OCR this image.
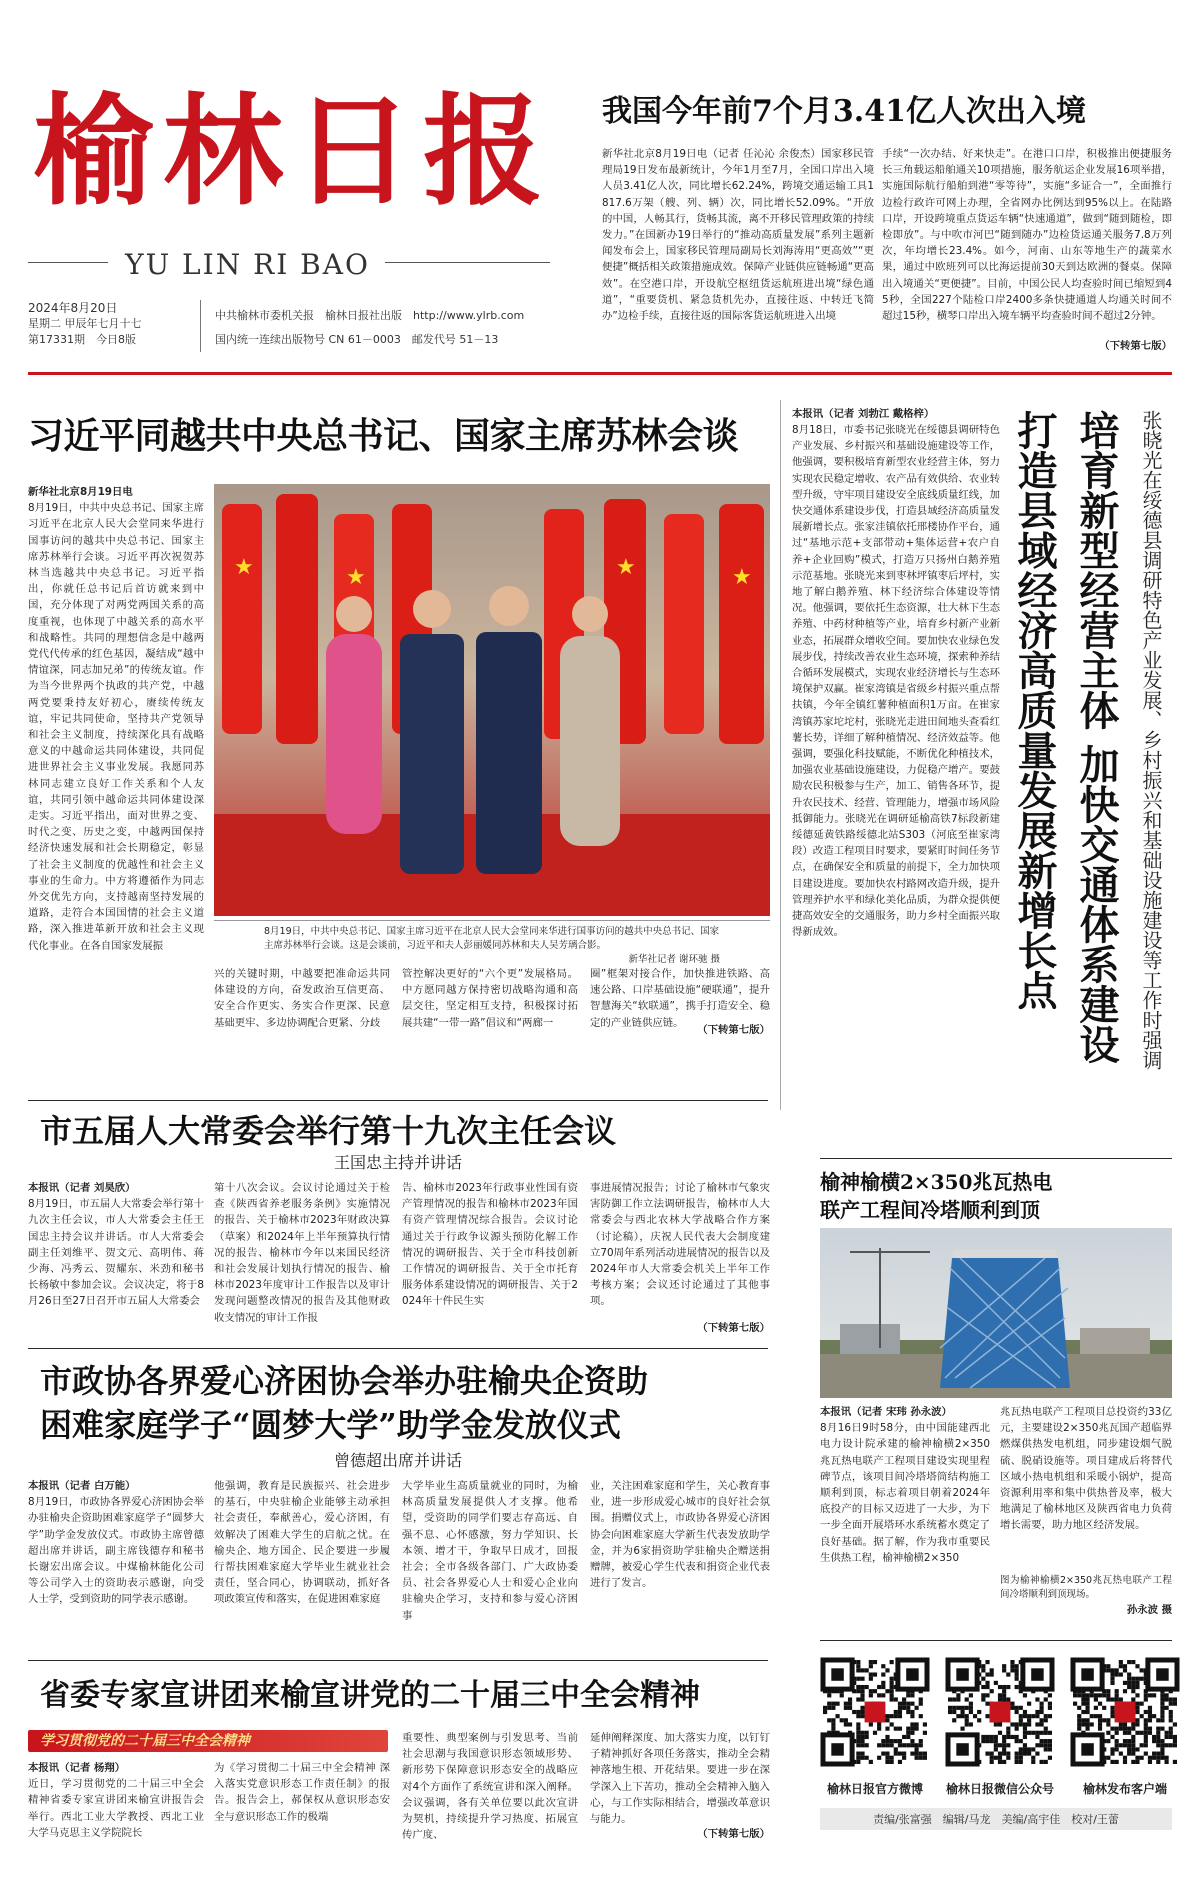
榆 林 日 报
YU LIN RI BAO
2024年8月20日
星期二 甲辰年七月十七
第17331期　 今日8版
中共榆林市委机关报　 榆林日报社出版　 http://www.ylrb.com
国内统一连续出版物号 CN 61－0003　 邮发代号 51－13
我国今年前7个月3.41亿人次出入境
新华社北京8月19日电（记者 任沁沁 余俊杰）国家移民管理局19日发布最新统计，今年1月至7月，全国口岸出入境人员3.41亿人次，同比增长62.24%，跨境交通运输工具1817.6万架（艘、列、辆）次，同比增长52.09%。“开放的中国，人畅其行，货畅其流，离不开移民管理政策的持续发力。”在国新办19日举行的“推动高质量发展”系列主题新闻发布会上，国家移民管理局副局长刘海涛用“更高效”“更便捷”概括相关政策措施成效。保障产业链供应链畅通“更高效”。在空港口岸，开设航空枢纽货运航班进出境“绿色通道”，“重要货机、紧急货机先办，直接往返、中转迁飞简办”边检手续，直接往返的国际客货运航班进入出境
手续“一次办结、好来快走”。在港口口岸，积极推出便捷服务长三角载运船舶通关10项措施，服务航运企业发展16项举措，实施国际航行船舶到港“零等待”，实施“多证合一”，全面推行边检行政许可网上办理，全省网办比例达到95%以上。在陆路口岸，开设跨境重点货运车辆“快速通道”，做到“随到随检，即检即放”。与中吹市河巴“随到随办”边检货运通关服务7.8万列次，年均增长23.4%。如今，河南、山东等地生产的蔬菜水果，通过中欧班列可以比海运提前30天到达欧洲的餐桌。保障出入境通关“更便捷”。目前，中国公民人均查验时间已缩短到45秒，全国227个陆检口岸2400多条快捷通道人均通关时间不超过15秒，横琴口岸出入境车辆平均查验时间不超过2分钟。
（下转第七版）
习近平同越共中央总书记、国家主席苏林会谈
新华社北京8月19日电
8月19日，中共中央总书记、国家主席习近平在北京人民大会堂同来华进行国事访问的越共中央总书记、国家主席苏林举行会谈。习近平再次祝贺苏林当选越共中央总书记。习近平指出，你就任总书记后首访就来到中国，充分体现了对两党两国关系的高度重视，也体现了中越关系的高水平和战略性。共同的理想信念是中越两党代代传承的红色基因，凝结成“越中情谊深，同志加兄弟”的传统友谊。作为当今世界两个执政的共产党，中越两党要秉持友好初心，赓续传统友谊，牢记共同使命，坚持共产党领导和社会主义制度，持续深化具有战略意义的中越命运共同体建设，共同促进世界社会主义事业发展。我愿同苏林同志建立良好工作关系和个人友谊，共同引领中越命运共同体建设深走实。习近平指出，面对世界之变、时代之变、历史之变，中越两国保持经济快速发展和社会长期稳定，彰显了社会主义制度的优越性和社会主义事业的生命力。中方将遵循作为同志外交优先方向，支持越南坚持发展的道路，走符合本国国情的社会主义道路，深入推进革新开放和社会主义现代化事业。在各自国家发展振
★	★	★	★
8月19日，中共中央总书记、国家主席习近平在北京人民大会堂同来华进行国事访问的越共中央总书记、国家主席苏林举行会谈。这是会谈前，习近平和夫人彭丽媛同苏林和夫人吴芳璃合影。
新华社记者 谢环驰 摄
兴的关键时期，中越要把准命运共同体建设的方向，奋发政治互信更高、安全合作更实、务实合作更深、民意基础更牢、多边协调配合更紧、分歧
管控解决更好的“六个更”发展格局。中方愿同越方保持密切战略沟通和高层交往，坚定相互支持，积极探讨拓展共建“一带一路”倡议和“两廊一
圈”框架对接合作，加快推进铁路、高速公路、口岸基础设施“硬联通”，提升智慧海关“软联通”，携手打造安全、稳定的产业链供应链。
（下转第七版）
本报讯（记者 刘勃江 戴格梓）
8月18日，市委书记张晓光在绥德县调研特色产业发展、乡村振兴和基础设施建设等工作，他强调，要积极培育新型农业经营主体，努力实现农民稳定增收、农产品有效供给、农业转型升级，守牢项目建设安全底线质量红线，加快交通体系建设步伐，打造县域经济高质量发展新增长点。张家洼镇依托邢楼协作平台，通过“基地示范+支部带动+集体运营+农户自养+企业回购”模式，打造万只扬州白鹅养殖示范基地。张晓光来到枣林坪镇枣后坪村，实地了解白鹅养殖、林下经济综合体建设等情况。他强调，要依托生态资源，壮大林下生态养殖、中药材种植等产业，培育乡村新产业新业态，拓展群众增收空间。要加快农业绿色发展步伐，持续改善农业生态环境，探索种养结合循环发展模式，实现农业经济增长与生态环境保护双赢。崔家湾镇是省级乡村振兴重点帮扶镇，今年全镇红薯种植面积1万亩。在崔家湾镇苏家坨坨村，张晓光走进田间地头查看红薯长势，详细了解种植情况、经济效益等。他强调，要强化科技赋能，不断优化种植技术，加强农业基础设施建设，力促稳产增产。要鼓励农民积极参与生产，加工、销售各环节，提升农民技术、经营、管理能力，增强市场风险抵御能力。张晓光在调研延榆高铁7标段新建绥德延黄铁路绥德北站S303（河底至崔家湾段）改造工程项目时要求，要紧盯时间任务节点，在确保安全和质量的前提下，全力加快项目建设进度。要加快农村路网改造升级，提升管理养护水平和绿化美化品质，为群众提供便捷高效安全的交通服务，助力乡村全面振兴取得新成效。	打造县域经济高质量发展新增长点 培育新型经营主体 加快交通体系建设 张晓光在绥德县调研特色产业发展、乡村振兴和基础设施建设等工作时强调
市五届人大常委会举行第十九次主任会议
王国忠主持并讲话
本报讯（记者 刘昊欣）
8月19日，市五届人大常委会举行第十九次主任会议，市人大常委会主任王国忠主持会议并讲话。市人大常委会副主任刘维平、贺文元、高明伟、蒋少海、冯秀云、贺耀东、米劲和秘书长杨敏中参加会议。会议决定，将于8月26日至27日召开市五届人大常委会
第十八次会议。会议讨论通过关于检查《陕西省养老服务条例》实施情况的报告、关于榆林市2023年财政决算（草案）和2024年上半年预算执行情况的报告、榆林市今年以来国民经济和社会发展计划执行情况的报告、榆林市2023年度审计工作报告以及审计发现问题整改情况的报告及其他财政收支情况的审计工作报
告、榆林市2023年行政事业性国有资产管理情况的报告和榆林市2023年国有资产管理情况综合报告。会议讨论通过关于行政争议源头预防化解工作情况的调研报告、关于全市科技创新工作情况的调研报告、关于全市托育服务体系建设情况的调研报告、关于2024年十件民生实
事进展情况报告；讨论了榆林市气象灾害防御工作立法调研报告，榆林市人大常委会与西北农林大学战略合作方案（讨论稿），庆祝人民代表大会制度建立70周年系列活动进展情况的报告以及2024年市人大常委会机关上半年工作考核方案；会议还讨论通过了其他事项。
（下转第七版）
市政协各界爱心济困协会举办驻榆央企资助
困难家庭学子“圆梦大学”助学金发放仪式
曾德超出席并讲话
本报讯（记者 白万能）
8月19日，市政协各界爱心济困协会举办驻榆央企资助困难家庭学子“圆梦大学”助学金发放仪式。市政协主席曾德超出席并讲话，副主席钱德存和秘书长谢宏出席会议。中煤榆林能化公司等公司学入士的资助表示感谢，向受人士学，受到资助的同学表示感谢。
他强调，教育是民族振兴、社会进步的基石，中央驻榆企业能够主动承担社会责任，奉献善心，爱心济困，有效解决了困难大学生的启航之忧。在榆央企、地方国企、民企要进一步履行帮扶困难家庭大学毕业生就业社会责任，坚合同心，协调联动，抓好各项政策宣传和落实，在促进困难家庭
大学毕业生高质量就业的同时，为榆林高质量发展提供人才支撑。他希望，受资助的同学们要志存高远、自强不息、心怀感激，努力学知识、长本领、增才干，争取早日成才，回报社会；全市各级各部门、广大政协委员、社会各界爱心人士和爱心企业向驻榆央企学习，支持和参与爱心济困事
业，关注困难家庭和学生，关心教育事业，进一步形成爱心城市的良好社会氛围。捐赠仪式上，市政协各界爱心济困协会向困难家庭大学新生代表发放助学金，并为6家捐资助学驻榆央企赠送捐赠牌，被爱心学生代表和捐资企业代表进行了发言。
省委专家宣讲团来榆宣讲党的二十届三中全会精神
学习贯彻党的二十届三中全会精神
本报讯（记者 杨翔）
近日，学习贯彻党的二十届三中全会精神省委专家宣讲团来榆宣讲报告会举行。西北工业大学教授、西北工业大学马克思主义学院院长
为《学习贯彻二十届三中全会精神 深入落实党意识形态工作责任制》的报告。报告会上，郝保权从意识形态安全与意识形态工作的极端
重要性、典型案例与引发思考、当前社会思潮与我国意识形态领域形势、新形势下保障意识形态安全的战略应对4个方面作了系统宣讲和深入阐释。会议强调，各有关单位要以此次宣讲为契机，持续提升学习热度、拓展宣传广度、
延伸阐释深度、加大落实力度，以钉钉子精神抓好各项任务落实，推动全会精神落地生根、开花结果。要进一步在深学深入上下苦功，推动全会精神入脑入心，与工作实际相结合，增强改革意识与能力。
（下转第七版）
榆神榆横2×350兆瓦热电
联产工程间冷塔顺利到顶
本报讯（记者 宋玮 孙永波）
8月16日9时58分，由中国能建西北电力设计院承建的榆神榆横2×350兆瓦热电联产工程项目建设实现里程碑节点，该项目间冷塔塔筒结构施工顺利到顶，标志着项目朝着2024年底投产的目标又迈进了一大步，为下一步全面开展塔环水系统蓄水奠定了良好基础。据了解，作为我市重要民生供热工程，榆神榆横2×350
兆瓦热电联产工程项目总投资约33亿元，主要建设2×350兆瓦国产超临界燃煤供热发电机组，同步建设烟气脱硫、脱硝设施等。项目建成后将替代区域小热电机组和采暖小锅炉，提高资源利用率和集中供热普及率，极大地满足了榆林地区及陕西省电力负荷增长需要，助力地区经济发展。
图为榆神榆横2×350兆瓦热电联产工程间冷塔顺利到顶现场。
孙永波 摄
榆林日报官方微博	榆林日报微信公众号	榆林发布客户端
责编/张富强　编辑/马龙　美编/高宇佳　校对/王蕾
